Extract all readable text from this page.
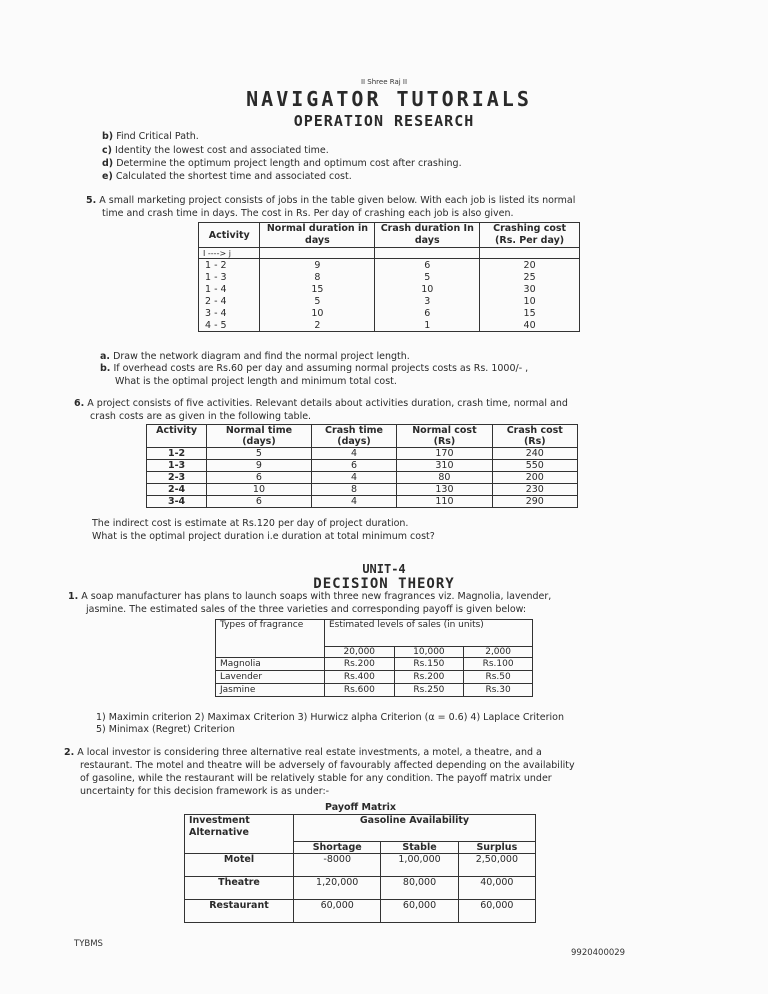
II Shree Raj II
NAVIGATOR TUTORIALS
OPERATION RESEARCH
b) Find Critical Path.
c) Identity the lowest cost and associated time.
d) Determine the optimum project length and optimum cost after crashing.
e) Calculated the shortest time and associated cost.
5. A small marketing project consists of jobs in the table given below. With each job is listed its normal
time and crash time in days. The cost in Rs. Per day of crashing each job is also given.
Activity	Normal duration in days	Crash duration In days	Crashing cost (Rs. Per day)
I ----> j			
1 - 2	9	6	20
1 - 3	8	5	25
1 - 4	15	10	30
2 - 4	5	3	10
3 - 4	10	6	15
4 - 5	2	1	40
a. Draw the network diagram and find the normal project length.
b. If overhead costs are Rs.60 per day and assuming normal projects costs as Rs. 1000/- ,
What is the optimal project length and minimum total cost.
6. A project consists of five activities. Relevant details about activities duration, crash time, normal and
crash costs are as given in the following table.
Activity	Normal time (days)	Crash time (days)	Normal cost (Rs)	Crash cost (Rs)
1-2	5	4	170	240
1-3	9	6	310	550
2-3	6	4	80	200
2-4	10	8	130	230
3-4	6	4	110	290
The indirect cost is estimate at Rs.120 per day of project duration.
What is the optimal project duration i.e duration at total minimum cost?
UNIT-4
DECISION THEORY
1. A soap manufacturer has plans to launch soaps with three new fragrances viz. Magnolia, lavender,
jasmine. The estimated sales of the three varieties and corresponding payoff is given below:
Types of fragrance	Estimated levels of sales (in units)		
	20,000	10,000	2,000
Magnolia	Rs.200	Rs.150	Rs.100
Lavender	Rs.400	Rs.200	Rs.50
Jasmine	Rs.600	Rs.250	Rs.30
1) Maximin criterion 2) Maximax Criterion 3) Hurwicz alpha Criterion (α = 0.6) 4) Laplace Criterion
5) Minimax (Regret) Criterion
2. A local investor is considering three alternative real estate investments, a motel, a theatre, and a
restaurant. The motel and theatre will be adversely of favourably affected depending on the availability
of gasoline, while the restaurant will be relatively stable for any condition. The payoff matrix under
uncertainty for this decision framework is as under:-
Payoff Matrix
Investment Alternative	Gasoline Availability		
	Shortage	Stable	Surplus
Motel	-8000	1,00,000	2,50,000
Theatre	1,20,000	80,000	40,000
Restaurant	60,000	60,000	60,000
TYBMS
9920400029
